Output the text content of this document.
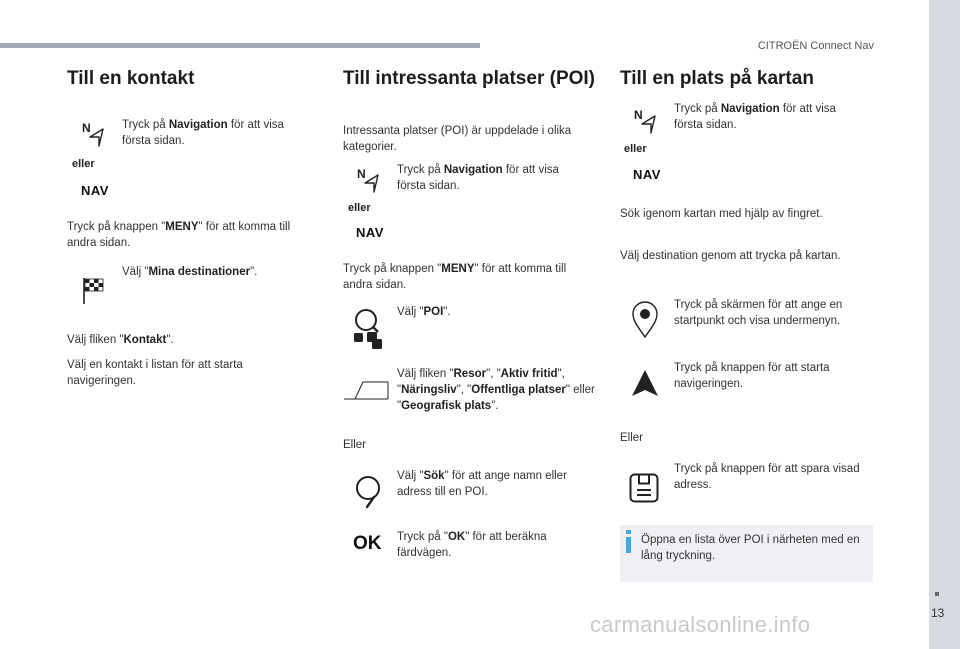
CITROËN Connect Nav
13
carmanualsonline.info
Till en kontakt
N	Tryck på Navigation för att visa första sidan.
eller
NAV
Tryck på knappen "MENY" för att komma till andra sidan.
Välj "Mina destinationer".
Välj fliken "Kontakt".
Välj en kontakt i listan för att starta navigeringen.
Till intressanta platser (POI)
Intressanta platser (POI) är uppdelade i olika kategorier.
N	Tryck på Navigation för att visa första sidan.
eller
NAV
Tryck på knappen "MENY" för att komma till andra sidan.
Välj "POI".
Välj fliken "Resor", "Aktiv fritid", "Näringsliv", "Offentliga platser" eller "Geografisk plats".
Eller
Välj "Sök" för att ange namn eller adress till en POI.
OK Tryck på "OK" för att beräkna färdvägen.
Till en plats på kartan
N	Tryck på Navigation för att visa första sidan.
eller
NAV
Sök igenom kartan med hjälp av fingret.
Välj destination genom att trycka på kartan.
Tryck på skärmen för att ange en startpunkt och visa undermenyn.
Tryck på knappen för att starta navigeringen.
Eller
Tryck på knappen för att spara visad adress.
Öppna en lista över POI i närheten med en lång tryckning.
